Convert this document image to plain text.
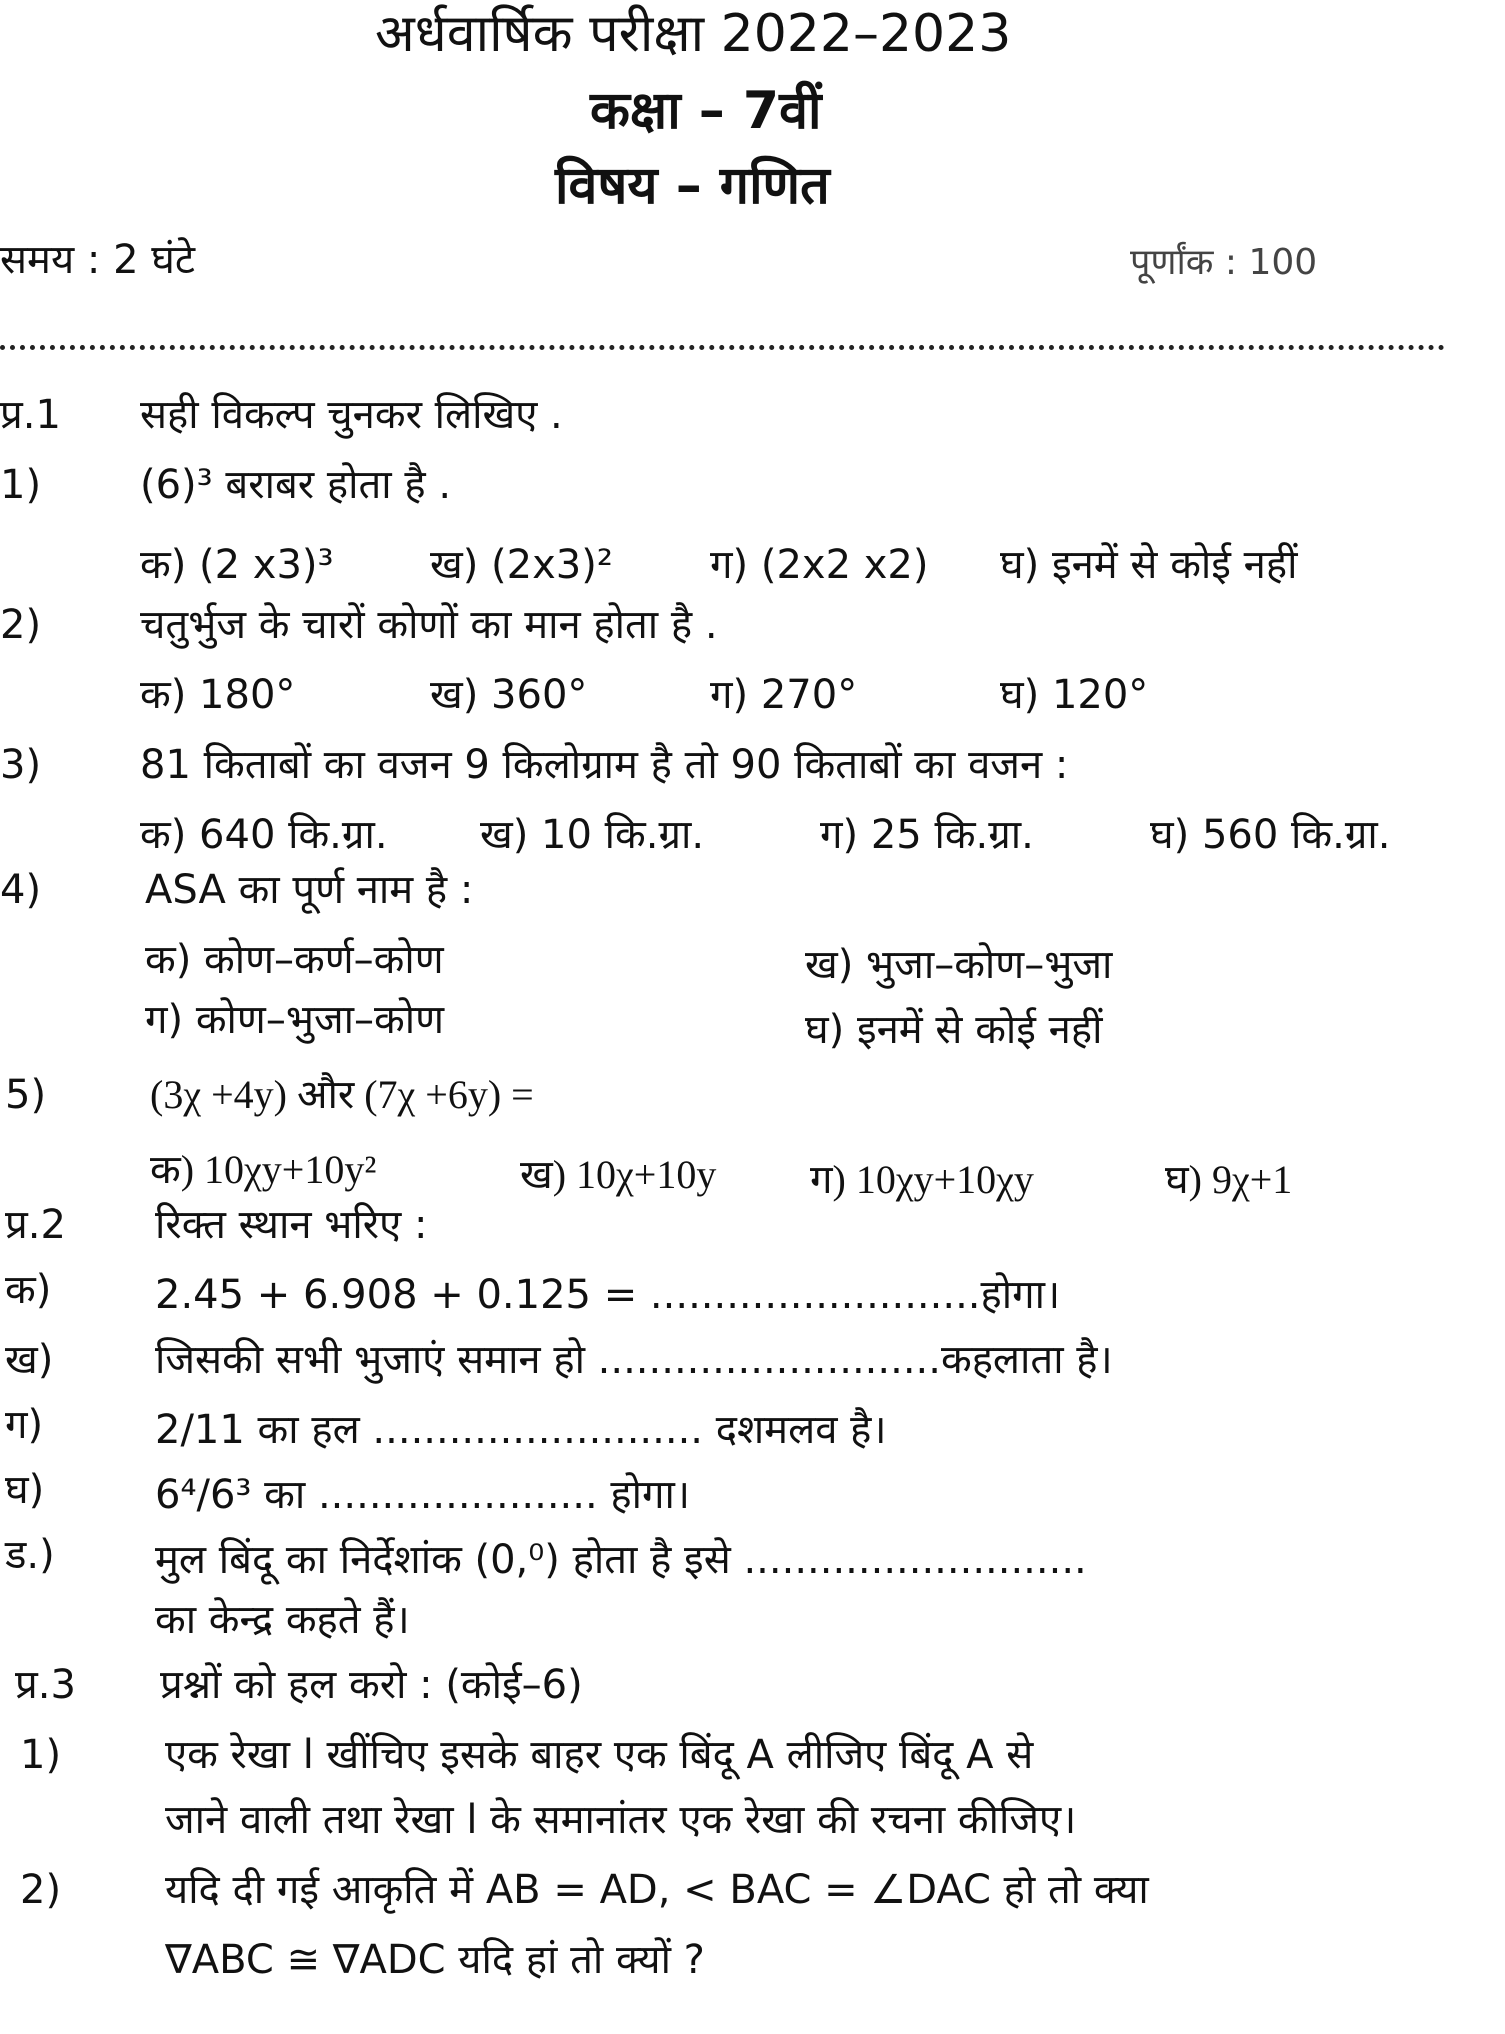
अर्धवार्षिक परीक्षा 2022–2023
कक्षा – 7वीं
विषय – गणित
समय : 2 घंटे	पूर्णांक : 100
प्र.1 सही विकल्प चुनकर लिखिए .
1) (6)³ बराबर होता है .
क) (2 x3)³ ख) (2x3)² ग) (2x2 x2) घ) इनमें से कोई नहीं
2) चतुर्भुज के चारों कोणों का मान होता है .
क) 180°	ख) 360°	ग) 270°	घ) 120°
3) 81 किताबों का वजन 9 किलोग्राम है तो 90 किताबों का वजन :
क) 640 कि.ग्रा. ख) 10 कि.ग्रा.	ग) 25 कि.ग्रा.	घ) 560 कि.ग्रा.
4)	ASA का पूर्ण नाम है :
क) कोण–कर्ण–कोण	ख) भुजा–कोण–भुजा
ग) कोण–भुजा–कोण	घ) इनमें से कोई नहीं
5)	(3χ +4y) और (7χ +6y) =
क) 10χy+10y²	ख) 10χ+10y ग) 10χy+10χy	घ) 9χ+1
प्र.2 रिक्त स्थान भरिए :
क)	2.45 + 6.908 + 0.125 = ..........................होगा।
ख)	जिसकी सभी भुजाएं समान हो ...........................कहलाता है।
ग)	2/11 का हल .......................... दशमलव है।
घ)	6⁴/6³ का ...................... होगा।
ड.)	मुल बिंदू का निर्देशांक (0,⁰) होता है इसे ...........................
का केन्द्र कहते हैं।
प्र.3 प्रश्नों को हल करो : (कोई–6)
1)	एक रेखा l खींचिए इसके बाहर एक बिंदू A लीजिए बिंदू A से
जाने वाली तथा रेखा l के समानांतर एक रेखा की रचना कीजिए।
2)	यदि दी गई आकृति में AB = AD, < BAC = ∠DAC हो तो क्या
∇ABC ≅ ∇ADC यदि हां तो क्यों ?
